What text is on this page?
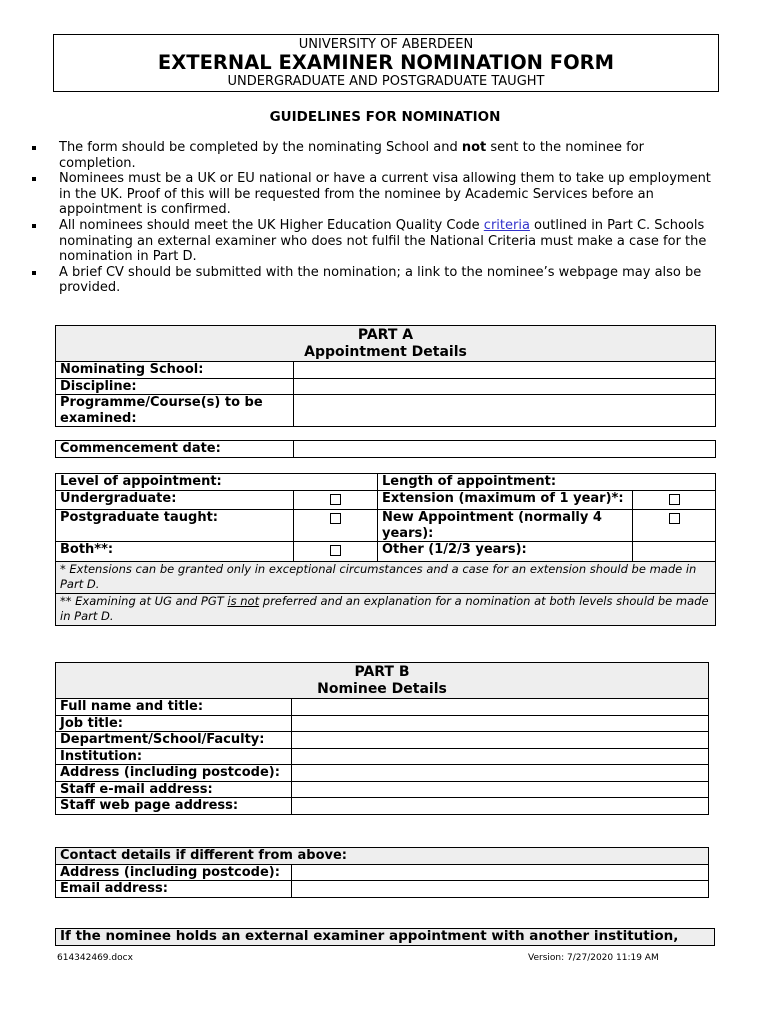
UNIVERSITY OF ABERDEEN
EXTERNAL EXAMINER NOMINATION FORM
UNDERGRADUATE AND POSTGRADUATE TAUGHT
GUIDELINES FOR NOMINATION
The form should be completed by the nominating School and not sent to the nominee for completion.
Nominees must be a UK or EU national or have a current visa allowing them to take up employment in the UK. Proof of this will be requested from the nominee by Academic Services before an appointment is confirmed.
All nominees should meet the UK Higher Education Quality Code criteria outlined in Part C. Schools nominating an external examiner who does not fulfil the National Criteria must make a case for the nomination in Part D.
A brief CV should be submitted with the nomination; a link to the nominee’s webpage may also be provided.
PART A
Appointment Details	

Nominating School:	
Discipline:	
Programme/Course(s) to be examined:	
Commencement date:	
Level of appointment:		Length of appointment:	
Undergraduate:		Extension (maximum of 1 year)*:	
Postgraduate taught:		New Appointment (normally 4 years):	
Both**:		Other (1/2/3 years):	
* Extensions can be granted only in exceptional circumstances and a case for an extension should be made in Part D.			
** Examining at UG and PGT is not preferred and an explanation for a nomination at both levels should be made in Part D.			
PART B
Nominee Details	

Full name and title:	
Job title:	
Department/School/Faculty:	
Institution:	
Address (including postcode):	
Staff e-mail address:	
Staff web page address:	
Contact details if different from above:	
Address (including postcode):	
Email address:	
If the nominee holds an external examiner appointment with another institution,
614342469.docx	Version: 7/27/2020 11:19 AM
